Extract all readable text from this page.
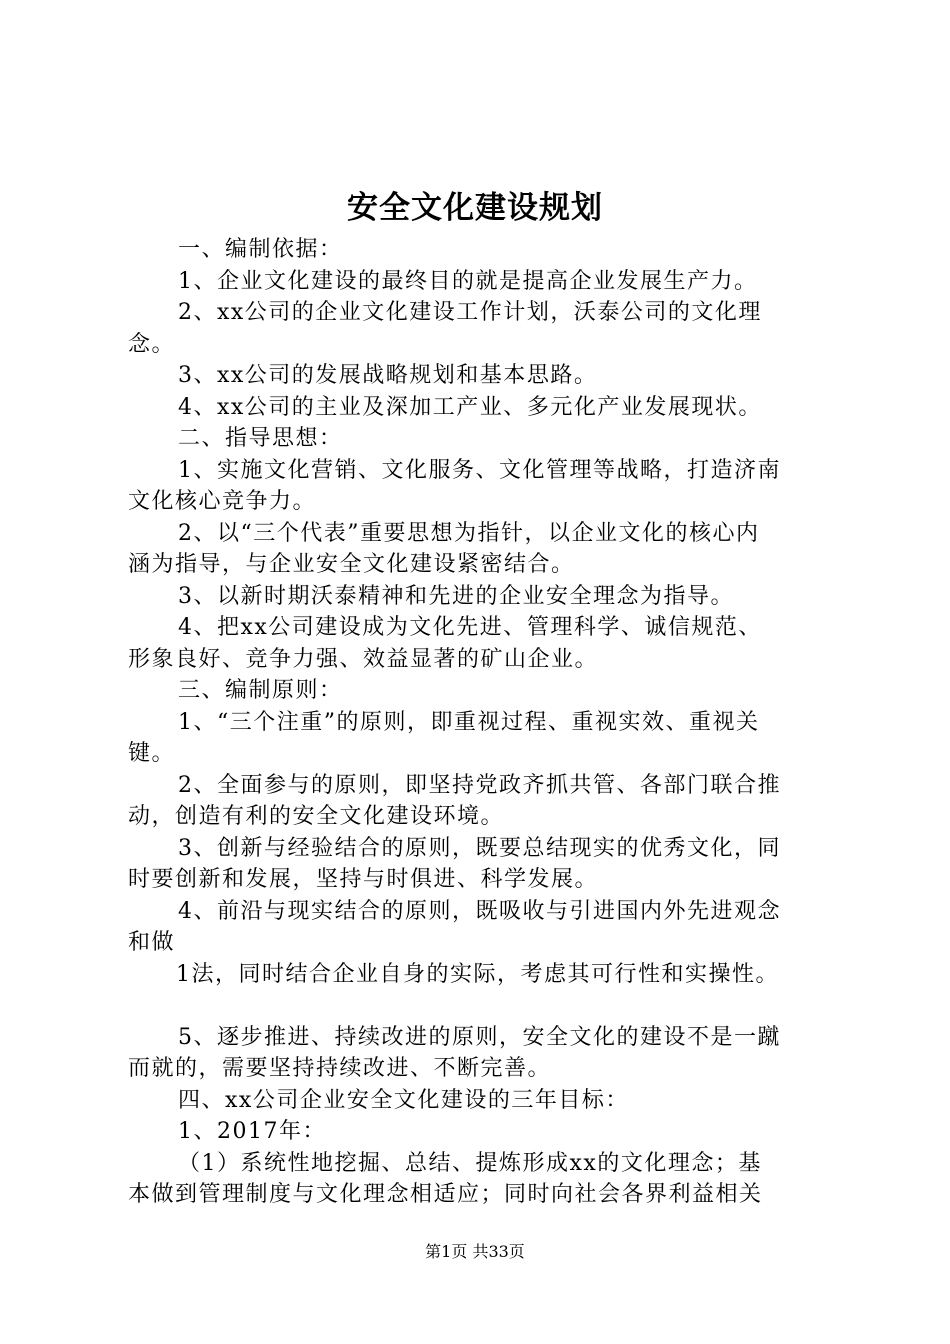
安全文化建设规划

一、编制依据：

1、企业文化建设的最终目的就是提高企业发展生产力。

2、xx公司的企业文化建设工作计划，沃泰公司的文化理

念。

3、xx公司的发展战略规划和基本思路。

4、xx公司的主业及深加工产业、多元化产业发展现状。

二、指导思想：

1、实施文化营销、文化服务、文化管理等战略，打造济南

文化核心竞争力。

2、以“三个代表”重要思想为指针，以企业文化的核心内

涵为指导，与企业安全文化建设紧密结合。

3、以新时期沃泰精神和先进的企业安全理念为指导。

4、把xx公司建设成为文化先进、管理科学、诚信规范、

形象良好、竞争力强、效益显著的矿山企业。

三、编制原则：

1、“三个注重”的原则，即重视过程、重视实效、重视关

键。

2、全面参与的原则，即坚持党政齐抓共管、各部门联合推

动，创造有利的安全文化建设环境。

3、创新与经验结合的原则，既要总结现实的优秀文化，同

时要创新和发展，坚持与时俱进、科学发展。

4、前沿与现实结合的原则，既吸收与引进国内外先进观念

和做

1法，同时结合企业自身的实际，考虑其可行性和实操性。

5、逐步推进、持续改进的原则，安全文化的建设不是一蹴

而就的，需要坚持持续改进、不断完善。

四、xx公司企业安全文化建设的三年目标：

1、2017年：

（1）系统性地挖掘、总结、提炼形成xx的文化理念；基

本做到管理制度与文化理念相适应；同时向社会各界利益相关

第1页 共33页
